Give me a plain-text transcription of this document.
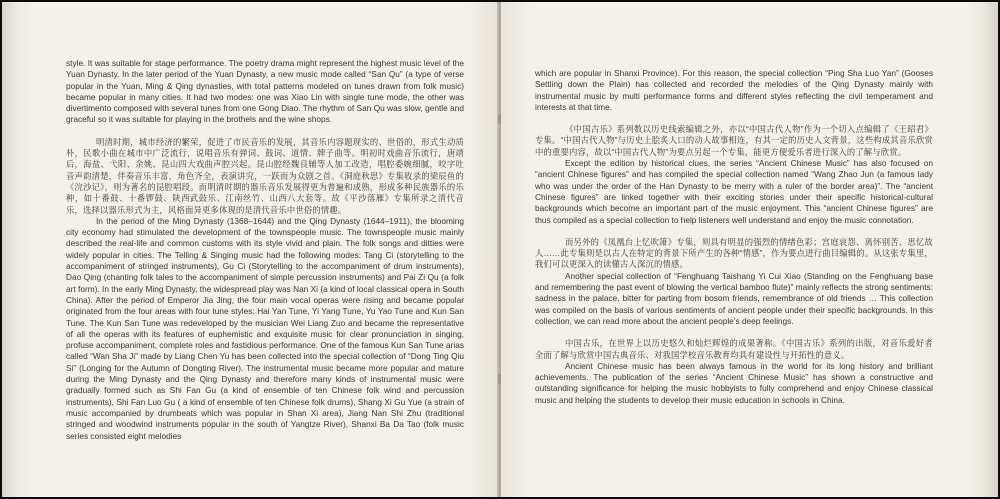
style. It was suitable for stage performance. The poetry drama might represent the highest music level of the Yuan Dynasty. In the later period of the Yuan Dynasty, a new music mode called “San Qu” (a type of verse popular in the Yuan, Ming & Qing dynasties, with total patterns modeled on tunes drawn from folk music) became popular in many cities. It had two modes: one was Xiao Lin with single tune mode, the other was divertimento composed with several tunes from one Gong Diao. The rhythm of San Qu was slow, gentle and graceful so it was suitable for playing in the brothels and the wine shops.

明清时期，城市经济的繁荣，促进了市民音乐的发展，其音乐内容题现实的、世俗的，形式生动质朴，民歌小曲在城市中广泛流行，说唱音乐有弹词、鼓词、道情、牌子曲等。明初时戏曲音乐流行，唐靖后，海盐、弋阳、余姚、昆山四大戏曲声腔兴起。昆山腔经魏良辅等人加工改造，唱腔委婉细腻，咬字吐音声韵清楚，伴奏音乐丰富，角色齐全，表演讲究，一跃而为众剧之首。《洞庭秋思》专集收录的梁辰鱼的《浣沙记》，则为著名的昆腔唱段。而明清时期的器乐音乐发展得更为普遍和成熟，形成多种民族器乐的乐种，如十番鼓、十番锣鼓、陕西武鼓乐、江南丝竹、山西八大套等。故《平沙落雁》专集所录之清代音乐，选择以器乐形式为主，风格面异更多体现的是清代音乐中世俗的情趣。

In the period of the Ming Dynasty (1368–1644) and the Qing Dynasty (1644–1911), the blooming city economy had stimulated the development of the townspeople music. The townspeople music mainly described the real-life and common customs with its style vivid and plain. The folk songs and ditties were widely popular in cities. The Telling & Singing music had the following modes: Tang Ci (storytelling to the accompaniment of stringed instruments), Gu Ci (Storytelling to the accompaniment of drum instruments), Dao Qing (chanting folk tales to the accompaniment of simple percussion instruments) and Pai Zi Qu (a folk art form). In the early Ming Dynasty, the widespread play was Nan Xi (a kind of local classical opera in South China). After the period of Emperor Jia Jing, the four main vocal operas were rising and became popular originated from the four areas with four tune styles: Hai Yan Tune, Yi Yang Tune, Yu Yao Tune and Kun San Tune. The Kun San Tune was redeveloped by the musician Wei Liang Zuo and became the representative of all the operas with its features of euphemistic and exquisite music for clear pronunciation in singing, profuse accompaniment, complete roles and fastidious performance. One of the famous Kun San Tune arias called “Wan Sha Ji” made by Liang Chen Yu has been collected into the special collection of “Dong Ting Qiu Si” (Longing for the Autumn of Dongting River). The instrumental music became more popular and mature during the Ming Dynasty and the Qing Dynasty and therefore many kinds of instrumental music were gradually formed such as Shi Fan Gu (a kind of ensemble of ten Chinese folk wind and percussion instruments), Shi Fan Luo Gu ( a kind of ensemble of ten Chinese folk drums), Shang Xi Gu Yue (a strain of music accompanied by drumbeats which was popular in Shan Xi area), Jiang Nan Shi Zhu (traditional stringed and woodwind instruments popular in the south of Yangtze River), Shanxi Ba Da Tao (folk music series consisted eight melodies

which are popular in Shanxi Province). For this reason, the special collection “Ping Sha Luo Yan” (Gooses Settling down the Plain) has collected and recorded the melodies of the Qing Dynasty mainly with instrumental music by multi performance forms and different styles reflecting the civil temperament and interests at that time.

《中国古乐》系列数以历史线索编辑之外，亦以“中国古代人物”作为一个切入点编辑了《王昭君》专集。“中国古代人物”与历史上脍炙人口的动人故事相连，有其一定的历史人文背景，这些构成其音乐欣赏中的重要内容，故以“中国古代人物”为要点另起一个专集，能更方便爱乐者进行深入的了解与欣赏。

Except the edition by historical clues, the series “Ancient Chinese Music” has also focused on “ancient Chinese figures” and has compiled the special collection named “Wang Zhao Jun (a famous lady who was under the order of the Han Dynasty to be merry with a ruler of the border area)”. The “ancient Chinese figures” are linked together with their exciting stories under their specific historical-cultural backgrounds which become an important part of the music enjoyment. This “ancient Chinese figures” are thus compiled as a special collection to help listeners well understand and enjoy the music connotation.

而另外的《凤凰台上忆吹箫》专集，则具有明显的强烈的情绪色彩；宫庭哀怨、离怀别苦、思忆故人……此专集则是以古人在特定的背景下所产生的各种“情感”，作为要点进行曲目编辑的。从这张专集里，我们可以更深入的读懂古人深沉的情感。

Another special collection of “Fenghuang Taishang Yi Cui Xiao (Standing on the Fenghuang base and remembering the past event of blowing the vertical bamboo flute)” mainly reflects the strong sentiments: sadness in the palace, bitter for parting from bosom friends, remembrance of old friends … This collection was compiled on the basis of various sentiments of ancient people under their specific backgrounds. In this collection, we can read more about the ancient people’s deep feelings.

中国古乐，在世界上以历史悠久和灿烂辉煌的成果著称。《中国古乐》系列的出版，对音乐爱好者全面了解与欣赏中国古典音乐、对我国学校音乐教育均具有建设性与开拓性的意义。

Ancient Chinese music has been always famous in the world for its long history and brilliant achievements. The publication of the series “Ancient Chinese Music” has shown a constructive and outstanding significance for helping the music hobbyists to fully comprehend and enjoy Chinese classical music and helping the students to develop their music education in schools in China.
